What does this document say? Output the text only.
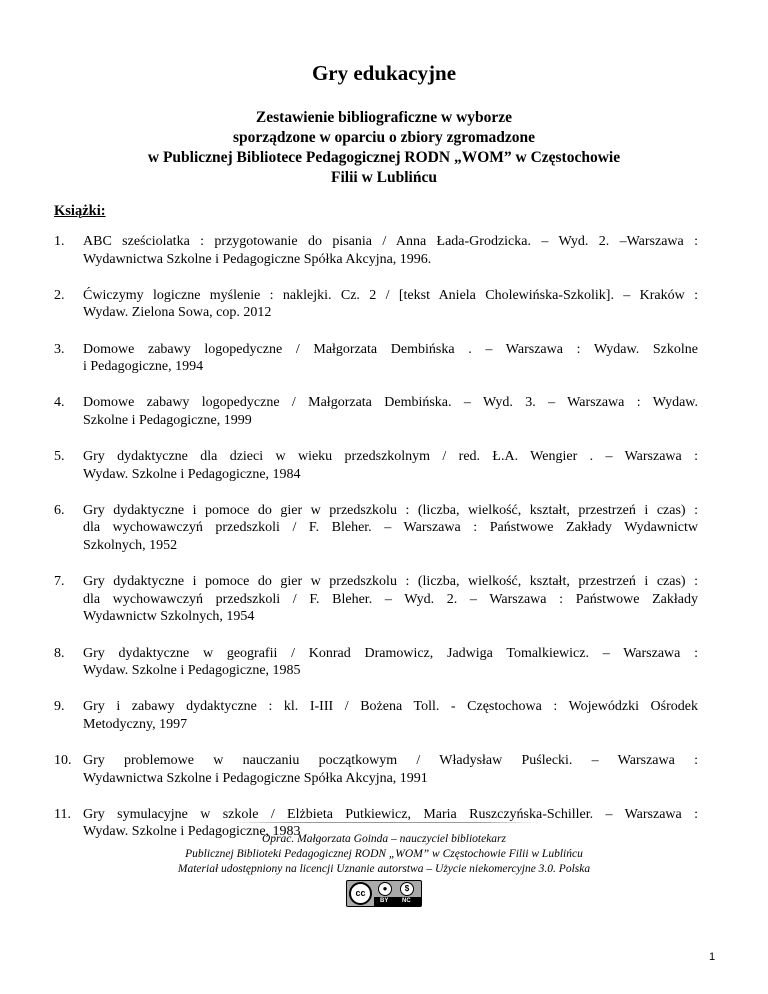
Gry edukacyjne
Zestawienie bibliograficzne w wyborze
sporządzone w oparciu o zbiory zgromadzone
w Publicznej Bibliotece Pedagogicznej RODN „WOM” w Częstochowie
Filii w Lublińcu
Książki:
1. ABC sześciolatka : przygotowanie do pisania / Anna Łada-Grodzicka. – Wyd. 2. –Warszawa :
Wydawnictwa Szkolne i Pedagogiczne Spółka Akcyjna, 1996.
2. Ćwiczymy logiczne myślenie : naklejki. Cz. 2 / [tekst Aniela Cholewińska-Szkolik]. – Kraków :
Wydaw. Zielona Sowa, cop. 2012
3. Domowe zabawy logopedyczne / Małgorzata Dembińska . – Warszawa : Wydaw. Szkolne
i Pedagogiczne, 1994
4. Domowe zabawy logopedyczne / Małgorzata Dembińska. – Wyd. 3. – Warszawa : Wydaw.
Szkolne i Pedagogiczne, 1999
5. Gry dydaktyczne dla dzieci w wieku przedszkolnym / red. Ł.A. Wengier . – Warszawa :
Wydaw. Szkolne i Pedagogiczne, 1984
6. Gry dydaktyczne i pomoce do gier w przedszkolu : (liczba, wielkość, kształt, przestrzeń i czas) :
dla wychowawczyń przedszkoli / F. Bleher. – Warszawa : Państwowe Zakłady Wydawnictw
Szkolnych, 1952
7. Gry dydaktyczne i pomoce do gier w przedszkolu : (liczba, wielkość, kształt, przestrzeń i czas) :
dla wychowawczyń przedszkoli / F. Bleher. – Wyd. 2. – Warszawa : Państwowe Zakłady
Wydawnictw Szkolnych, 1954
8. Gry dydaktyczne w geografii / Konrad Dramowicz, Jadwiga Tomalkiewicz. – Warszawa :
Wydaw. Szkolne i Pedagogiczne, 1985
9. Gry i zabawy dydaktyczne : kl. I-III / Bożena Toll. - Częstochowa : Wojewódzki Ośrodek
Metodyczny, 1997
10. Gry problemowe w nauczaniu początkowym / Władysław Puślecki. – Warszawa :
Wydawnictwa Szkolne i Pedagogiczne Spółka Akcyjna, 1991
11. Gry symulacyjne w szkole / Elżbieta Putkiewicz, Maria Ruszczyńska-Schiller. – Warszawa :
Wydaw. Szkolne i Pedagogiczne, 1983
Oprac. Małgorzata Goinda – nauczyciel bibliotekarz
Publicznej Biblioteki Pedagogicznej RODN „WOM” w Częstochowie Filii w Lublińcu
Materiał udostępniony na licencji Uznanie autorstwa – Użycie niekomercyjne 3.0. Polska
cc	●	$
BY NC
1
